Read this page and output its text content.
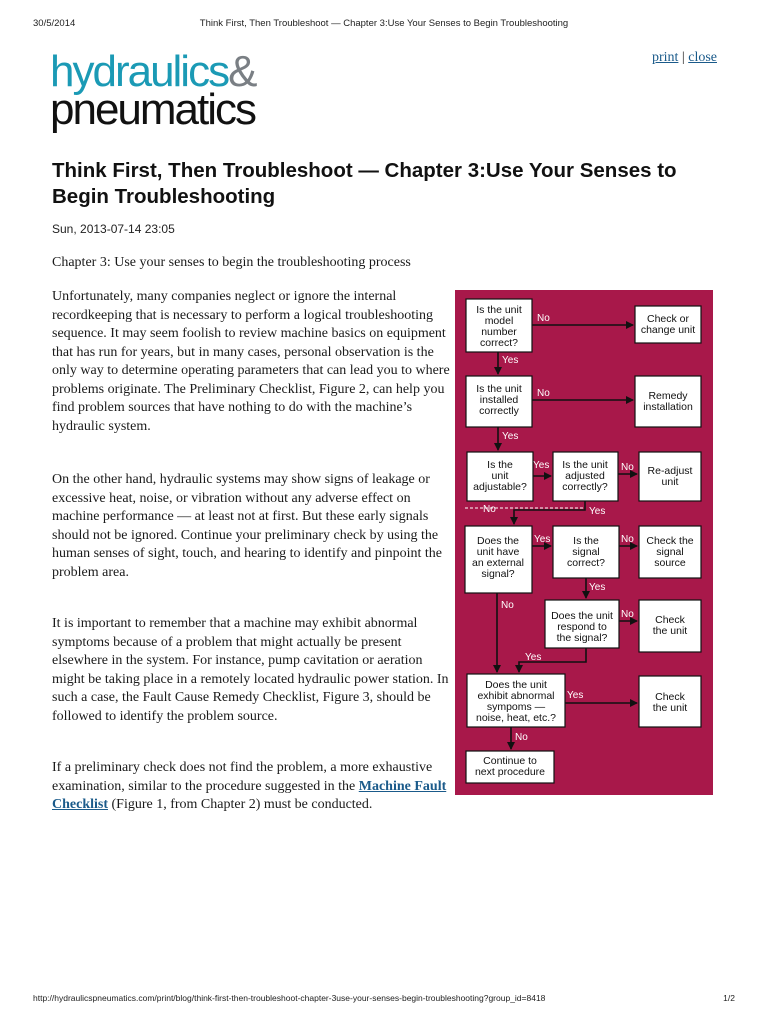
30/5/2014	Think First, Then Troubleshoot — Chapter 3:Use Your Senses to Begin Troubleshooting
hydraulics&
pneumatics
print | close
Think First, Then Troubleshoot — Chapter 3:Use Your Senses to Begin Troubleshooting
Sun, 2013-07-14 23:05
Chapter 3: Use your senses to begin the troubleshooting process

Unfortunately, many companies neglect or ignore the internal recordkeeping that is necessary to perform a logical troubleshooting sequence. It may seem foolish to review machine basics on equipment that has run for years, but in many cases, personal observation is the only way to determine operating parameters that can lead you to where problems originate. The Preliminary Checklist, Figure 2, can help you find problem sources that have nothing to do with the machine’s hydraulic system.

On the other hand, hydraulic systems may show signs of leakage or excessive heat, noise, or vibration without any adverse effect on machine performance — at least not at first. But these early signals should not be ignored. Continue your preliminary check by using the human senses of sight, touch, and hearing to identify and pinpoint the problem area.

It is important to remember that a machine may exhibit abnormal symptoms because of a problem that might actually be present elsewhere in the system. For instance, pump cavitation or aeration might be taking place in a remotely located hydraulic power station. In such a case, the Fault Cause Remedy Checklist, Figure 3, should be followed to identify the problem source.

If a preliminary check does not find the problem, a more exhaustive examination, similar to the procedure suggested in the Machine Fault Checklist (Figure 1, from Chapter 2) must be conducted.

No
Yes
No
Yes
Yes	No
No	Yes
Yes	No
Yes
No
No
Yes
Yes
No
Is the unit model number correct?
Check or change unit
Is the unit installed correctly
Remedy installation
Is the unit adjustable?
Is the unit adjusted correctly?
Re-adjust unit
Does the unit have an external signal?
Is the signal correct?
Check the signal source
Does the unit respond to the signal?
Check the unit
Does the unit exhibit abnormal sympoms — noise, heat, etc.?
Check the unit
Continue to next procedure
http://hydraulicspneumatics.com/print/blog/think-first-then-troubleshoot-chapter-3use-your-senses-begin-troubleshooting?group_id=8418	1/2
